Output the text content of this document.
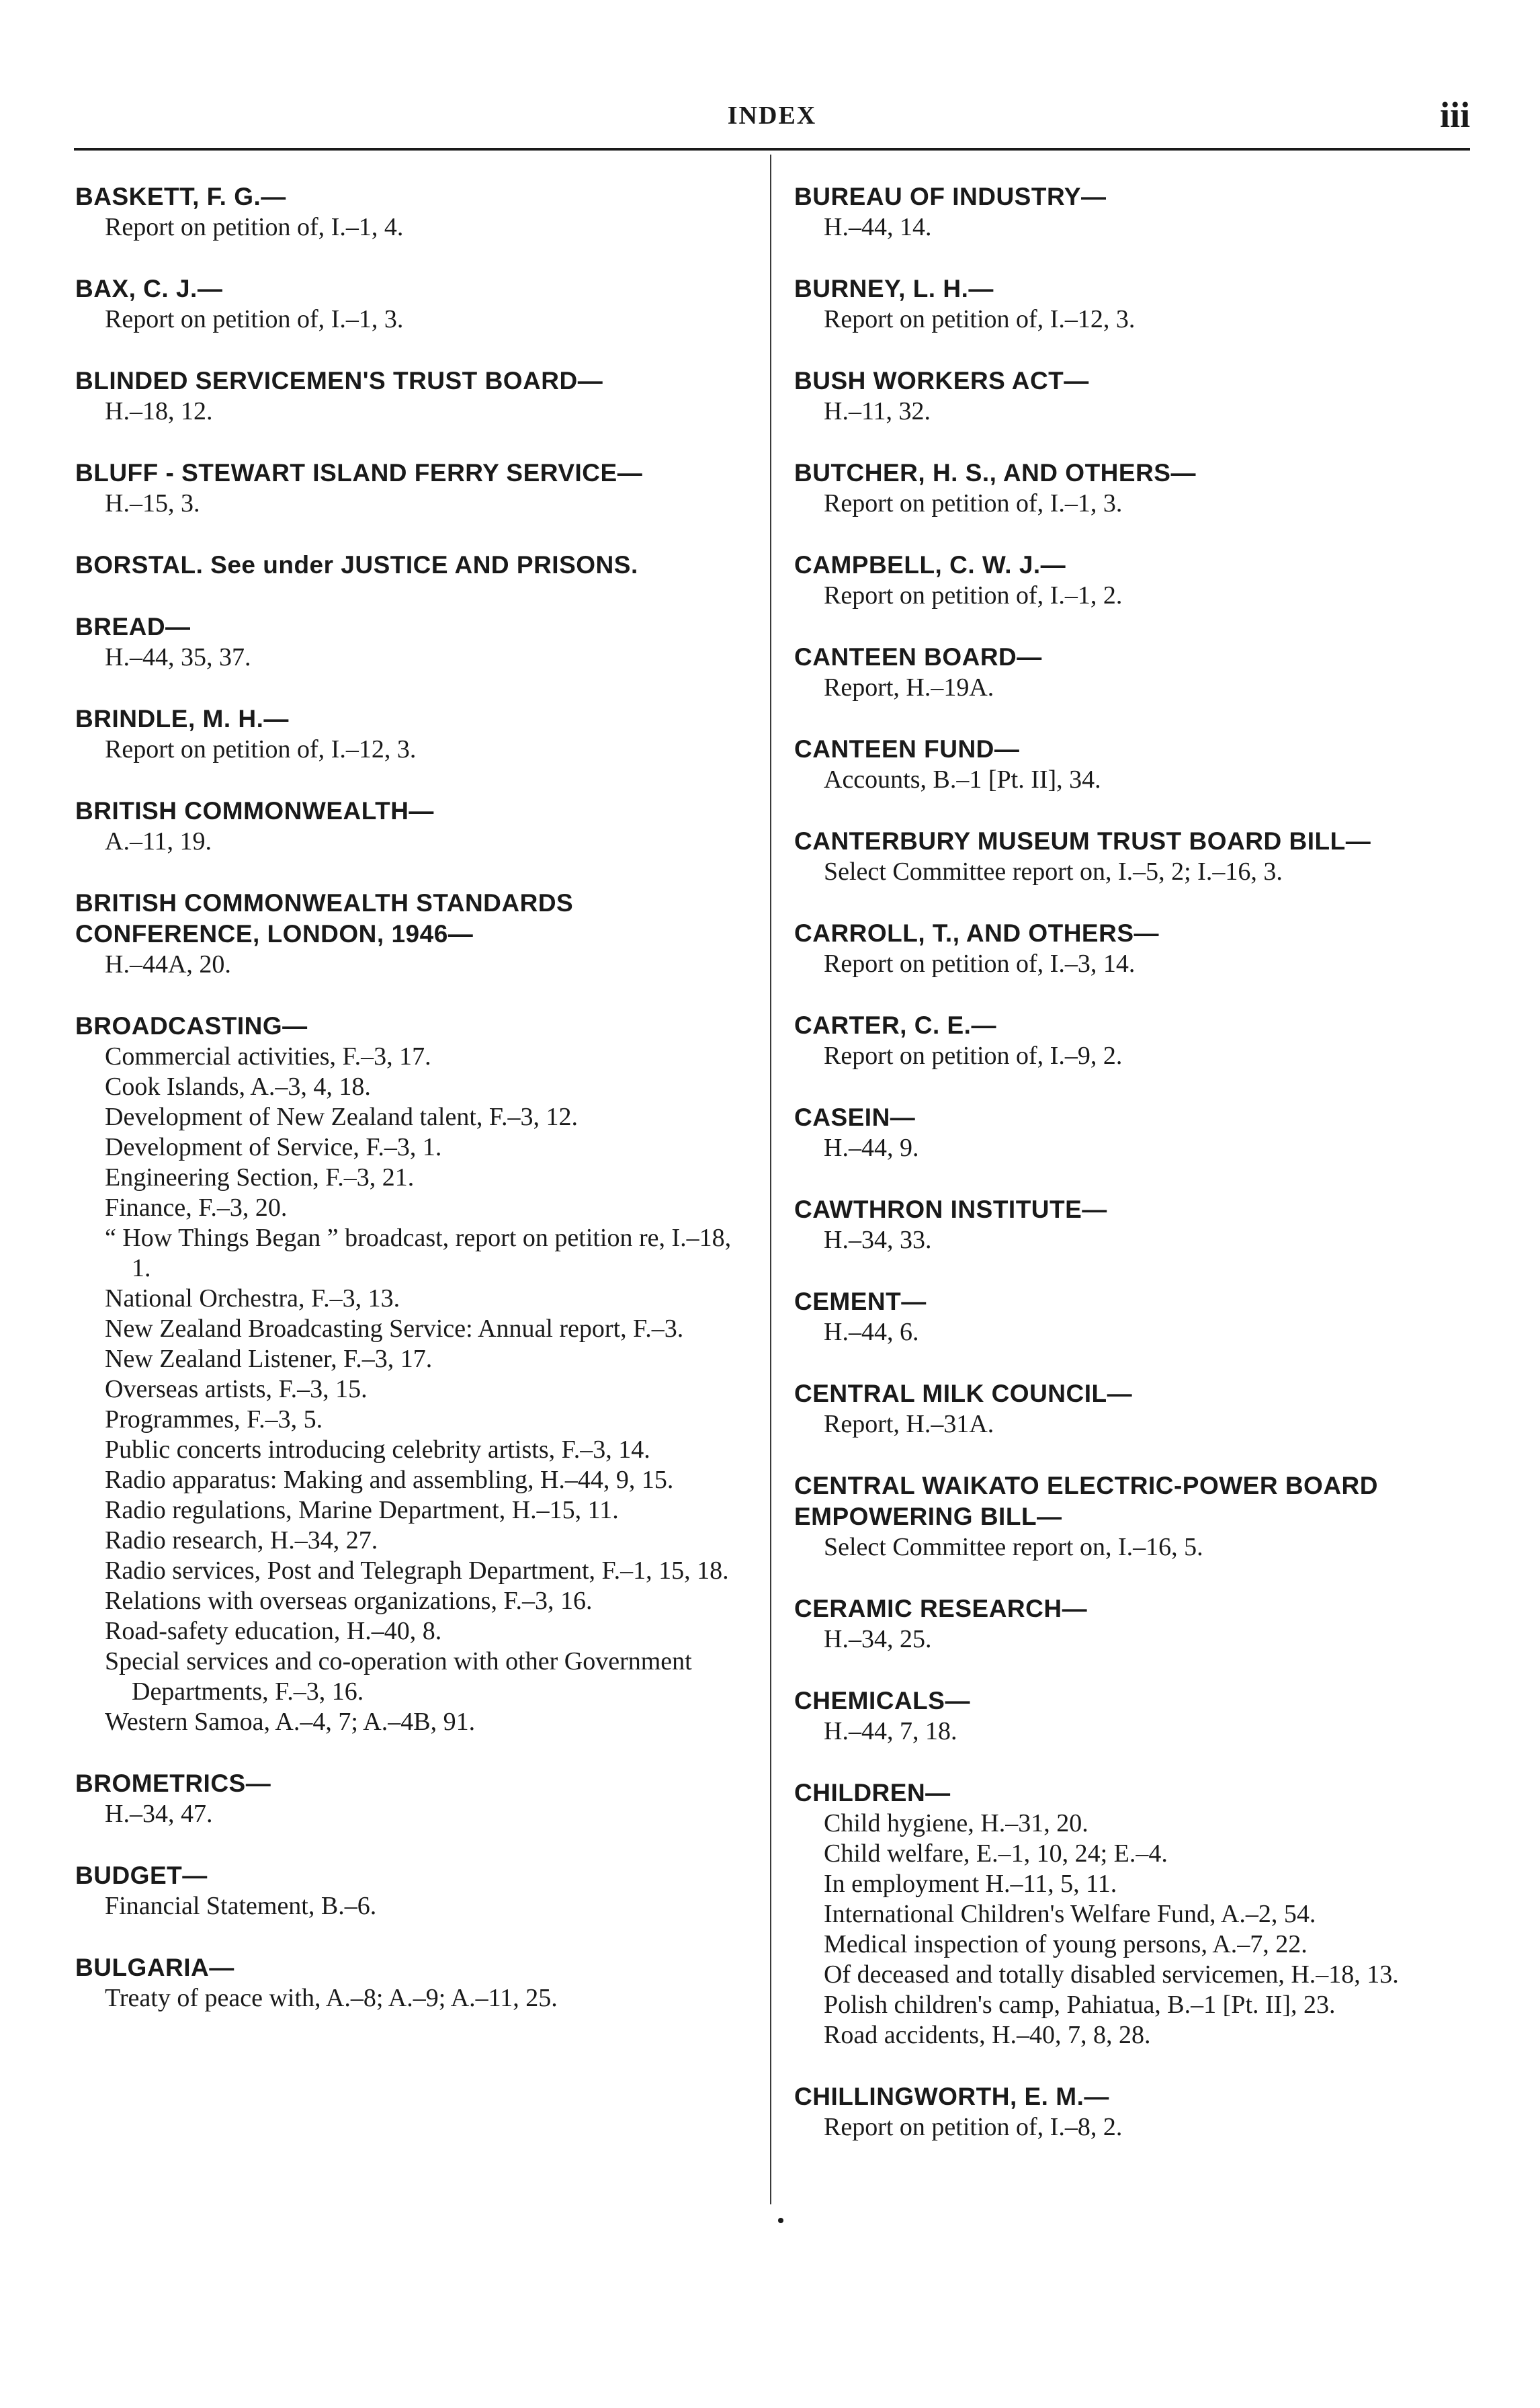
INDEX	iii
BASKETT, F. G.—
Report on petition of, I.–1, 4.
BAX, C. J.—
Report on petition of, I.–1, 3.
BLINDED SERVICEMEN'S TRUST BOARD—
H.–18, 12.
BLUFF - STEWART ISLAND FERRY SERVICE—
H.–15, 3.
BORSTAL. See under JUSTICE AND PRISONS.
BREAD—
H.–44, 35, 37.
BRINDLE, M. H.—
Report on petition of, I.–12, 3.
BRITISH COMMONWEALTH—
A.–11, 19.
BRITISH COMMONWEALTH STANDARDS CONFERENCE, LONDON, 1946—
H.–44A, 20.
BROADCASTING—
Commercial activities, F.–3, 17.
Cook Islands, A.–3, 4, 18.
Development of New Zealand talent, F.–3, 12.
Development of Service, F.–3, 1.
Engineering Section, F.–3, 21.
Finance, F.–3, 20.
“ How Things Began ” broadcast, report on petition re, I.–18, 1.
National Orchestra, F.–3, 13.
New Zealand Broadcasting Service: Annual report, F.–3.
New Zealand Listener, F.–3, 17.
Overseas artists, F.–3, 15.
Programmes, F.–3, 5.
Public concerts introducing celebrity artists, F.–3, 14.
Radio apparatus: Making and assembling, H.–44, 9, 15.
Radio regulations, Marine Department, H.–15, 11.
Radio research, H.–34, 27.
Radio services, Post and Telegraph Department, F.–1, 15, 18.
Relations with overseas organizations, F.–3, 16.
Road-safety education, H.–40, 8.
Special services and co-operation with other Government Departments, F.–3, 16.
Western Samoa, A.–4, 7; A.–4B, 91.
BROMETRICS—
H.–34, 47.
BUDGET—
Financial Statement, B.–6.
BULGARIA—
Treaty of peace with, A.–8; A.–9; A.–11, 25.
BUREAU OF INDUSTRY—
H.–44, 14.
BURNEY, L. H.—
Report on petition of, I.–12, 3.
BUSH WORKERS ACT—
H.–11, 32.
BUTCHER, H. S., AND OTHERS—
Report on petition of, I.–1, 3.
CAMPBELL, C. W. J.—
Report on petition of, I.–1, 2.
CANTEEN BOARD—
Report, H.–19A.
CANTEEN FUND—
Accounts, B.–1 [Pt. II], 34.
CANTERBURY MUSEUM TRUST BOARD BILL—
Select Committee report on, I.–5, 2; I.–16, 3.
CARROLL, T., AND OTHERS—
Report on petition of, I.–3, 14.
CARTER, C. E.—
Report on petition of, I.–9, 2.
CASEIN—
H.–44, 9.
CAWTHRON INSTITUTE—
H.–34, 33.
CEMENT—
H.–44, 6.
CENTRAL MILK COUNCIL—
Report, H.–31A.
CENTRAL WAIKATO ELECTRIC-POWER BOARD EMPOWERING BILL—
Select Committee report on, I.–16, 5.
CERAMIC RESEARCH—
H.–34, 25.
CHEMICALS—
H.–44, 7, 18.
CHILDREN—
Child hygiene, H.–31, 20.
Child welfare, E.–1, 10, 24; E.–4.
In employment H.–11, 5, 11.
International Children's Welfare Fund, A.–2, 54.
Medical inspection of young persons, A.–7, 22.
Of deceased and totally disabled servicemen, H.–18, 13.
Polish children's camp, Pahiatua, B.–1 [Pt. II], 23.
Road accidents, H.–40, 7, 8, 28.
CHILLINGWORTH, E. M.—
Report on petition of, I.–8, 2.
